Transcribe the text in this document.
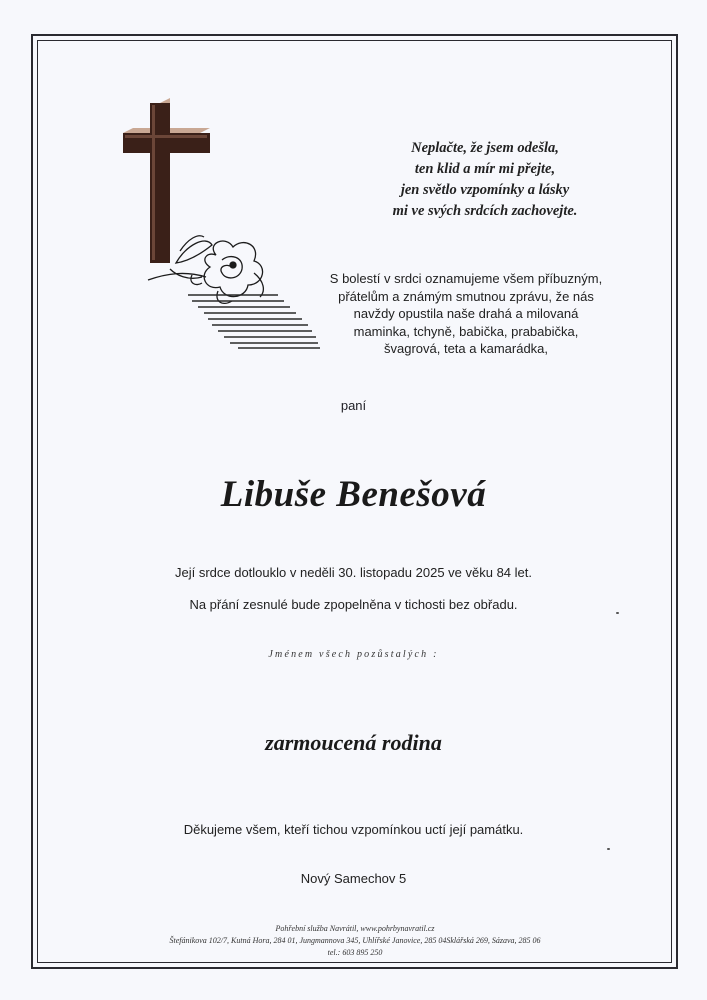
Neplačte, že jsem odešla,
ten klid a mír mi přejte,
jen světlo vzpomínky a lásky
mi ve svých srdcích zachovejte.
S bolestí v srdci oznamujeme všem příbuzným,
přátelům a známým smutnou zprávu, že nás
navždy opustila naše drahá a milovaná
maminka, tchyně, babička, prababička,
švagrová, teta a kamarádka,
paní
Libuše Benešová
Její srdce dotlouklo v neděli 30. listopadu 2025 ve věku 84 let.
Na přání zesnulé bude zpopelněna v tichosti bez obřadu.
Jménem všech pozůstalých :
zarmoucená rodina
Děkujeme všem, kteří tichou vzpomínkou uctí její památku.
Nový Samechov 5
Pohřební služba Navrátil, www.pohrbynavratil.cz
Štefánikova 102/7, Kutná Hora, 284 01, Jungmannova 345, Uhlířské Janovice, 285 04Sklářská 269, Sázava, 285 06
tel.: 603 895 250
